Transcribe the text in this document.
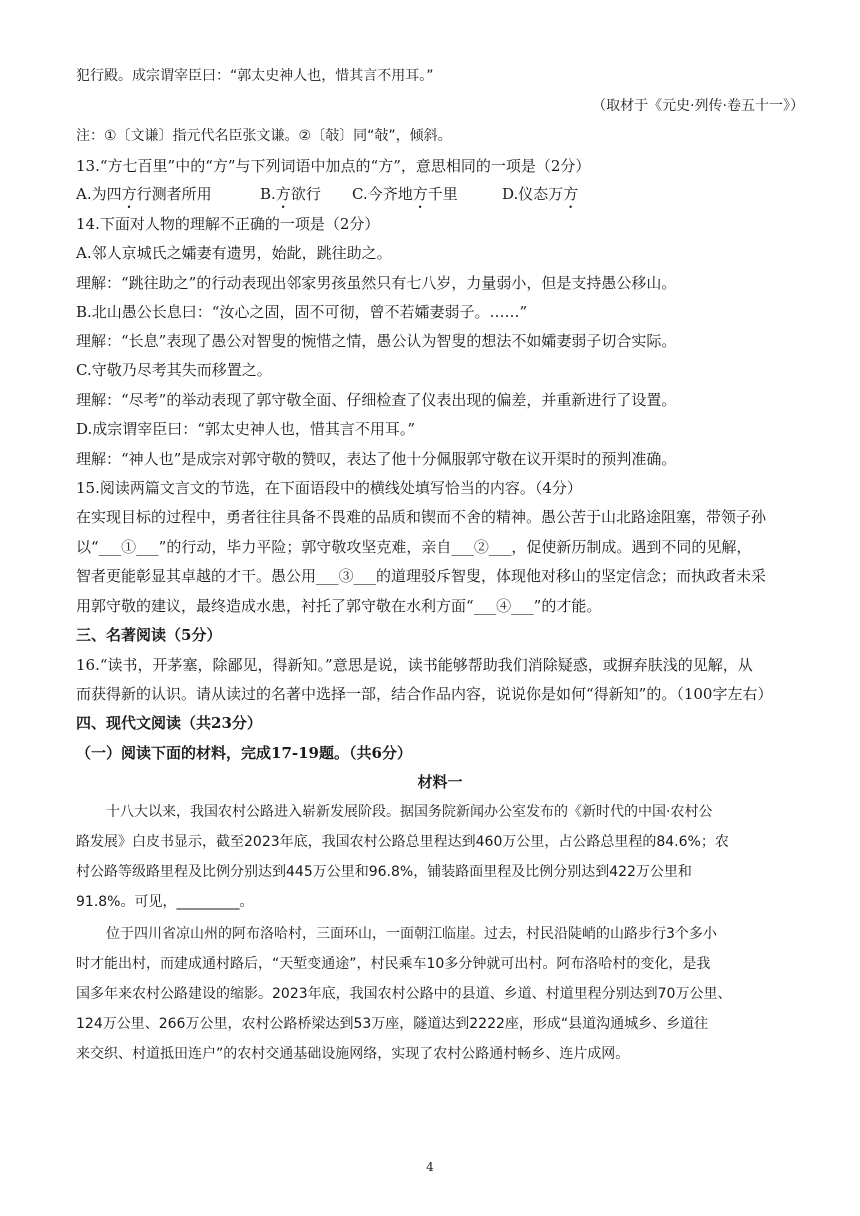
犯行殿。成宗谓宰臣曰：“郭太史神人也，惜其言不用耳。”
（取材于《元史·列传·卷五十一》）
注：①〔文谦〕指元代名臣张文谦。②〔敧〕同“敧”，倾斜。
13.“方七百里”中的“方”与下列词语中加点的“方”，意思相同的一项是（2分）
A.为四方行测者所用	B.方欲行 C.今齐地方千里	D.仪态万方
14.下面对人物的理解不正确的一项是（2分）
A.邻人京城氏之孀妻有遗男，始龀，跳往助之。
理解：“跳往助之”的行动表现出邻家男孩虽然只有七八岁，力量弱小，但是支持愚公移山。
B.北山愚公长息曰：“汝心之固，固不可彻，曾不若孀妻弱子。……”
理解：“长息”表现了愚公对智叟的惋惜之情，愚公认为智叟的想法不如孀妻弱子切合实际。
C.守敬乃尽考其失而移置之。
理解：“尽考”的举动表现了郭守敬全面、仔细检查了仪表出现的偏差，并重新进行了设置。
D.成宗谓宰臣曰：“郭太史神人也，惜其言不用耳。”
理解：“神人也”是成宗对郭守敬的赞叹，表达了他十分佩服郭守敬在议开渠时的预判准确。
15.阅读两篇文言文的节选，在下面语段中的横线处填写恰当的内容。（4分）
在实现目标的过程中，勇者往往具备不畏难的品质和锲而不舍的精神。愚公苦于山北路途阻塞，带领子孙
以“___①___”的行动，毕力平险；郭守敬攻坚克难，亲自___②___，促使新历制成。遇到不同的见解，
智者更能彰显其卓越的才干。愚公用___③___的道理驳斥智叟，体现他对移山的坚定信念；而执政者未采
用郭守敬的建议，最终造成水患，衬托了郭守敬在水利方面“___④___”的才能。
三、名著阅读（5分）
16.“读书，开茅塞，除鄙见，得新知。”意思是说，读书能够帮助我们消除疑惑，或摒弃肤浅的见解，从
而获得新的认识。请从读过的名著中选择一部，结合作品内容，说说你是如何“得新知”的。（100字左右）
四、现代文阅读（共23分）
（一）阅读下面的材料，完成17-19题。（共6分）
材料一
十八大以来，我国农村公路进入崭新发展阶段。据国务院新闻办公室发布的《新时代的中国·农村公
路发展》白皮书显示，截至2023年底，我国农村公路总里程达到460万公里，占公路总里程的84.6%；农
村公路等级路里程及比例分别达到445万公里和96.8%，铺装路面里程及比例分别达到422万公里和
91.8%。可见，_________。
位于四川省凉山州的阿布洛哈村，三面环山，一面朝江临崖。过去，村民沿陡峭的山路步行3个多小
时才能出村，而建成通村路后，“天堑变通途”，村民乘车10多分钟就可出村。阿布洛哈村的变化，是我
国多年来农村公路建设的缩影。2023年底，我国农村公路中的县道、乡道、村道里程分别达到70万公里、
124万公里、266万公里，农村公路桥梁达到53万座，隧道达到2222座，形成“县道沟通城乡、乡道往
来交织、村道抵田连户”的农村交通基础设施网络，实现了农村公路通村畅乡、连片成网。
4
